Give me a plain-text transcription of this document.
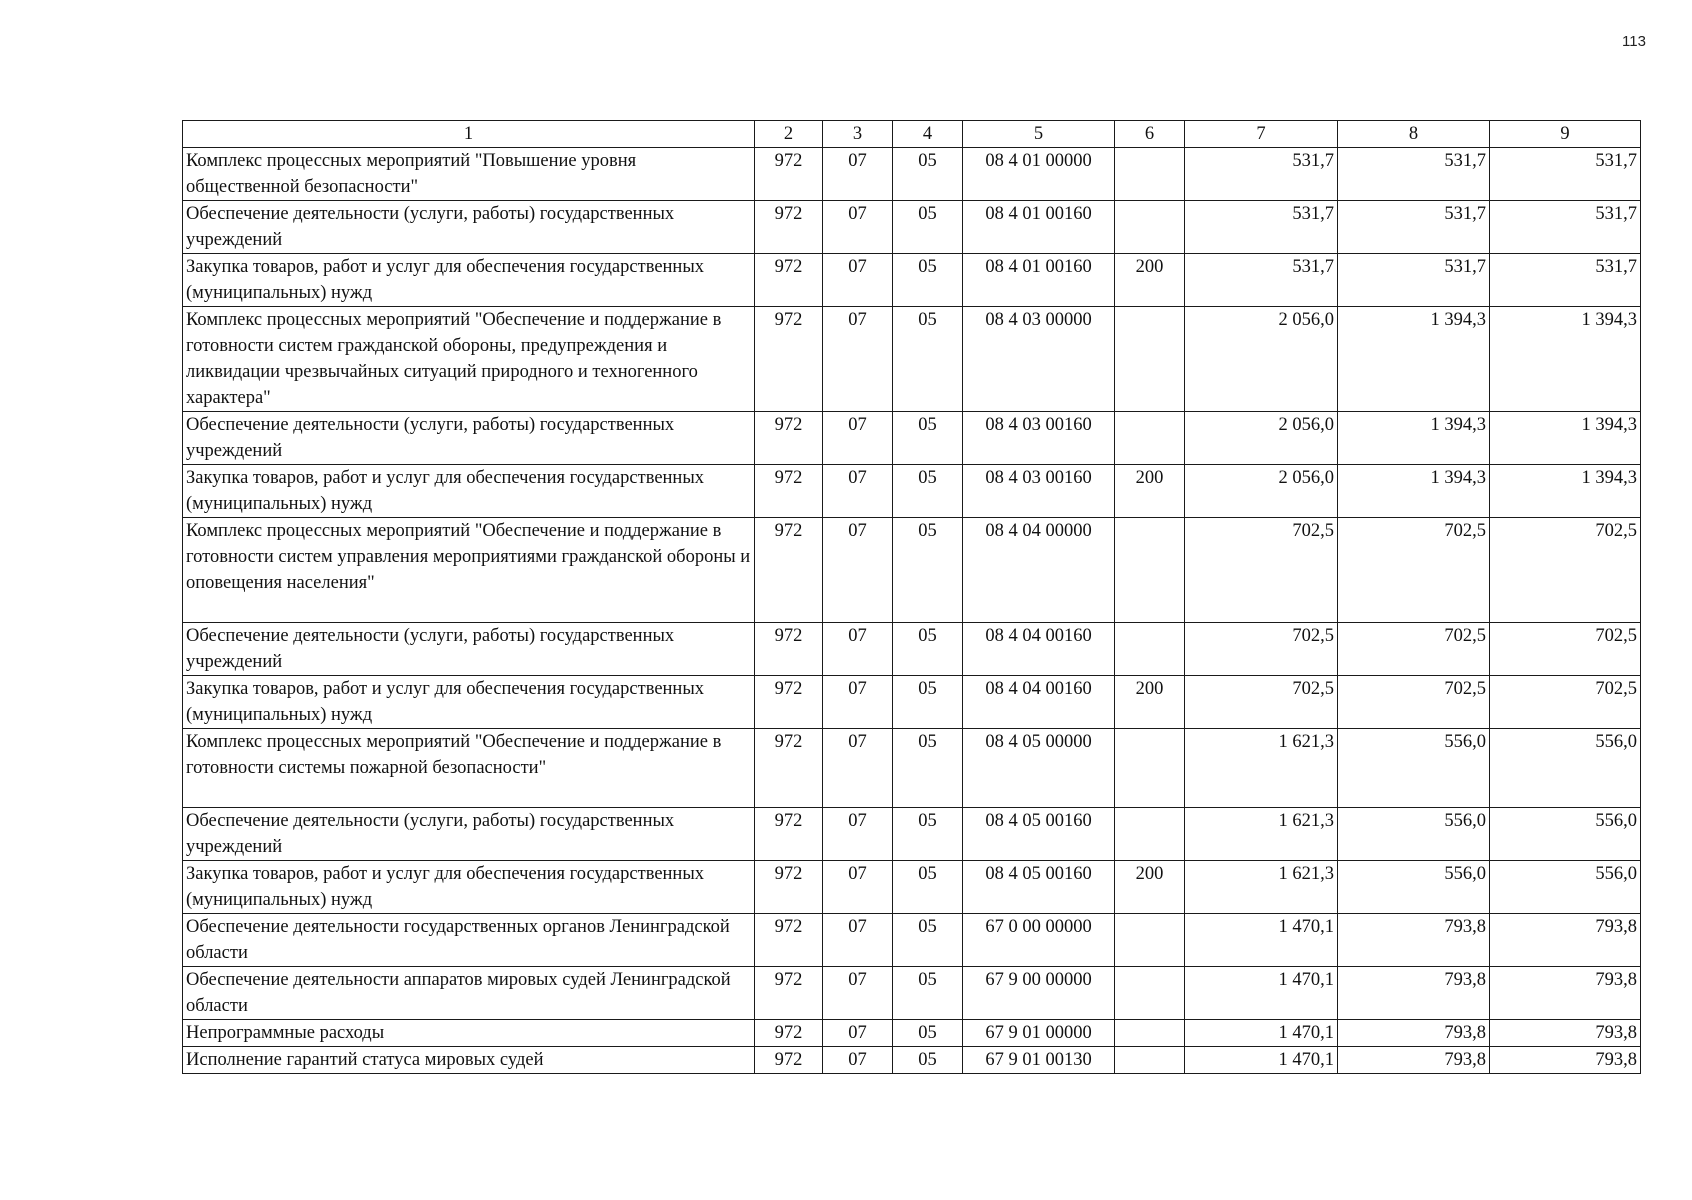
113
1	2	3	4	5	6	7	8	9
Комплекс процессных мероприятий "Повышение уровня общественной безопасности"	972	07	05	08 4 01 00000		531,7	531,7	531,7
Обеспечение деятельности (услуги, работы) государственных учреждений	972	07	05	08 4 01 00160		531,7	531,7	531,7
Закупка товаров, работ и услуг для обеспечения государственных (муниципальных) нужд	972	07	05	08 4 01 00160	200	531,7	531,7	531,7
Комплекс процессных мероприятий "Обеспечение и поддержание в готовности систем гражданской обороны, предупреждения и ликвидации чрезвычайных ситуаций природного и техногенного характера"	972	07	05	08 4 03 00000		2 056,0	1 394,3	1 394,3
Обеспечение деятельности (услуги, работы) государственных учреждений	972	07	05	08 4 03 00160		2 056,0	1 394,3	1 394,3
Закупка товаров, работ и услуг для обеспечения государственных (муниципальных) нужд	972	07	05	08 4 03 00160	200	2 056,0	1 394,3	1 394,3
Комплекс процессных мероприятий "Обеспечение и поддержание в готовности систем управления мероприятиями гражданской обороны и оповещения населения"	972	07	05	08 4 04 00000		702,5	702,5	702,5
Обеспечение деятельности (услуги, работы) государственных учреждений	972	07	05	08 4 04 00160		702,5	702,5	702,5
Закупка товаров, работ и услуг для обеспечения государственных (муниципальных) нужд	972	07	05	08 4 04 00160	200	702,5	702,5	702,5
Комплекс процессных мероприятий "Обеспечение и поддержание в готовности системы пожарной безопасности"	972	07	05	08 4 05 00000		1 621,3	556,0	556,0
Обеспечение деятельности (услуги, работы) государственных учреждений	972	07	05	08 4 05 00160		1 621,3	556,0	556,0
Закупка товаров, работ и услуг для обеспечения государственных (муниципальных) нужд	972	07	05	08 4 05 00160	200	1 621,3	556,0	556,0
Обеспечение деятельности государственных органов Ленинградской области	972	07	05	67 0 00 00000		1 470,1	793,8	793,8
Обеспечение деятельности аппаратов мировых судей Ленинградской области	972	07	05	67 9 00 00000		1 470,1	793,8	793,8
Непрограммные расходы	972	07	05	67 9 01 00000		1 470,1	793,8	793,8
Исполнение гарантий статуса мировых судей	972	07	05	67 9 01 00130		1 470,1	793,8	793,8
